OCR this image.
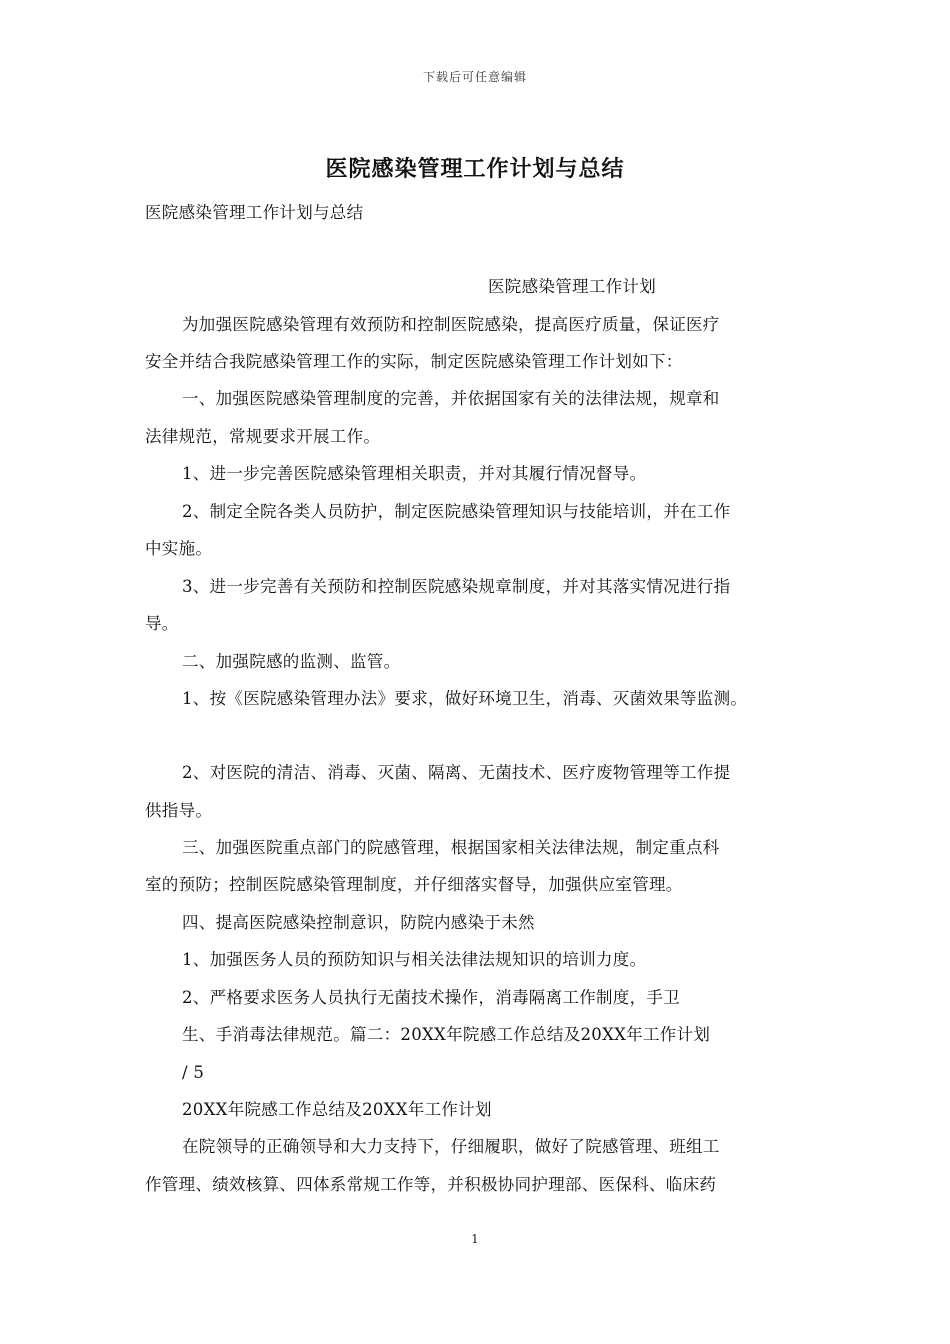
下载后可任意编辑
医院感染管理工作计划与总结
医院感染管理工作计划与总结
医院感染管理工作计划
为加强医院感染管理有效预防和控制医院感染，提高医疗质量，保证医疗
安全并结合我院感染管理工作的实际，制定医院感染管理工作计划如下：
一、加强医院感染管理制度的完善，并依据国家有关的法律法规，规章和
法律规范，常规要求开展工作。
1、进一步完善医院感染管理相关职责，并对其履行情况督导。
2、制定全院各类人员防护，制定医院感染管理知识与技能培训，并在工作
中实施。
3、进一步完善有关预防和控制医院感染规章制度，并对其落实情况进行指
导。
二、加强院感的监测、监管。
1、按《医院感染管理办法》要求，做好环境卫生，消毒、灭菌效果等监测。
2、对医院的清洁、消毒、灭菌、隔离、无菌技术、医疗废物管理等工作提
供指导。
三、加强医院重点部门的院感管理，根据国家相关法律法规，制定重点科
室的预防；控制医院感染管理制度，并仔细落实督导，加强供应室管理。
四、提高医院感染控制意识，防院内感染于未然
1、加强医务人员的预防知识与相关法律法规知识的培训力度。
2、严格要求医务人员执行无菌技术操作，消毒隔离工作制度，手卫
生、手消毒法律规范。篇二：20XX年院感工作总结及20XX年工作计划
/ 5
20XX年院感工作总结及20XX年工作计划
在院领导的正确领导和大力支持下，仔细履职，做好了院感管理、班组工
作管理、绩效核算、四体系常规工作等，并积极协同护理部、医保科、临床药
1
